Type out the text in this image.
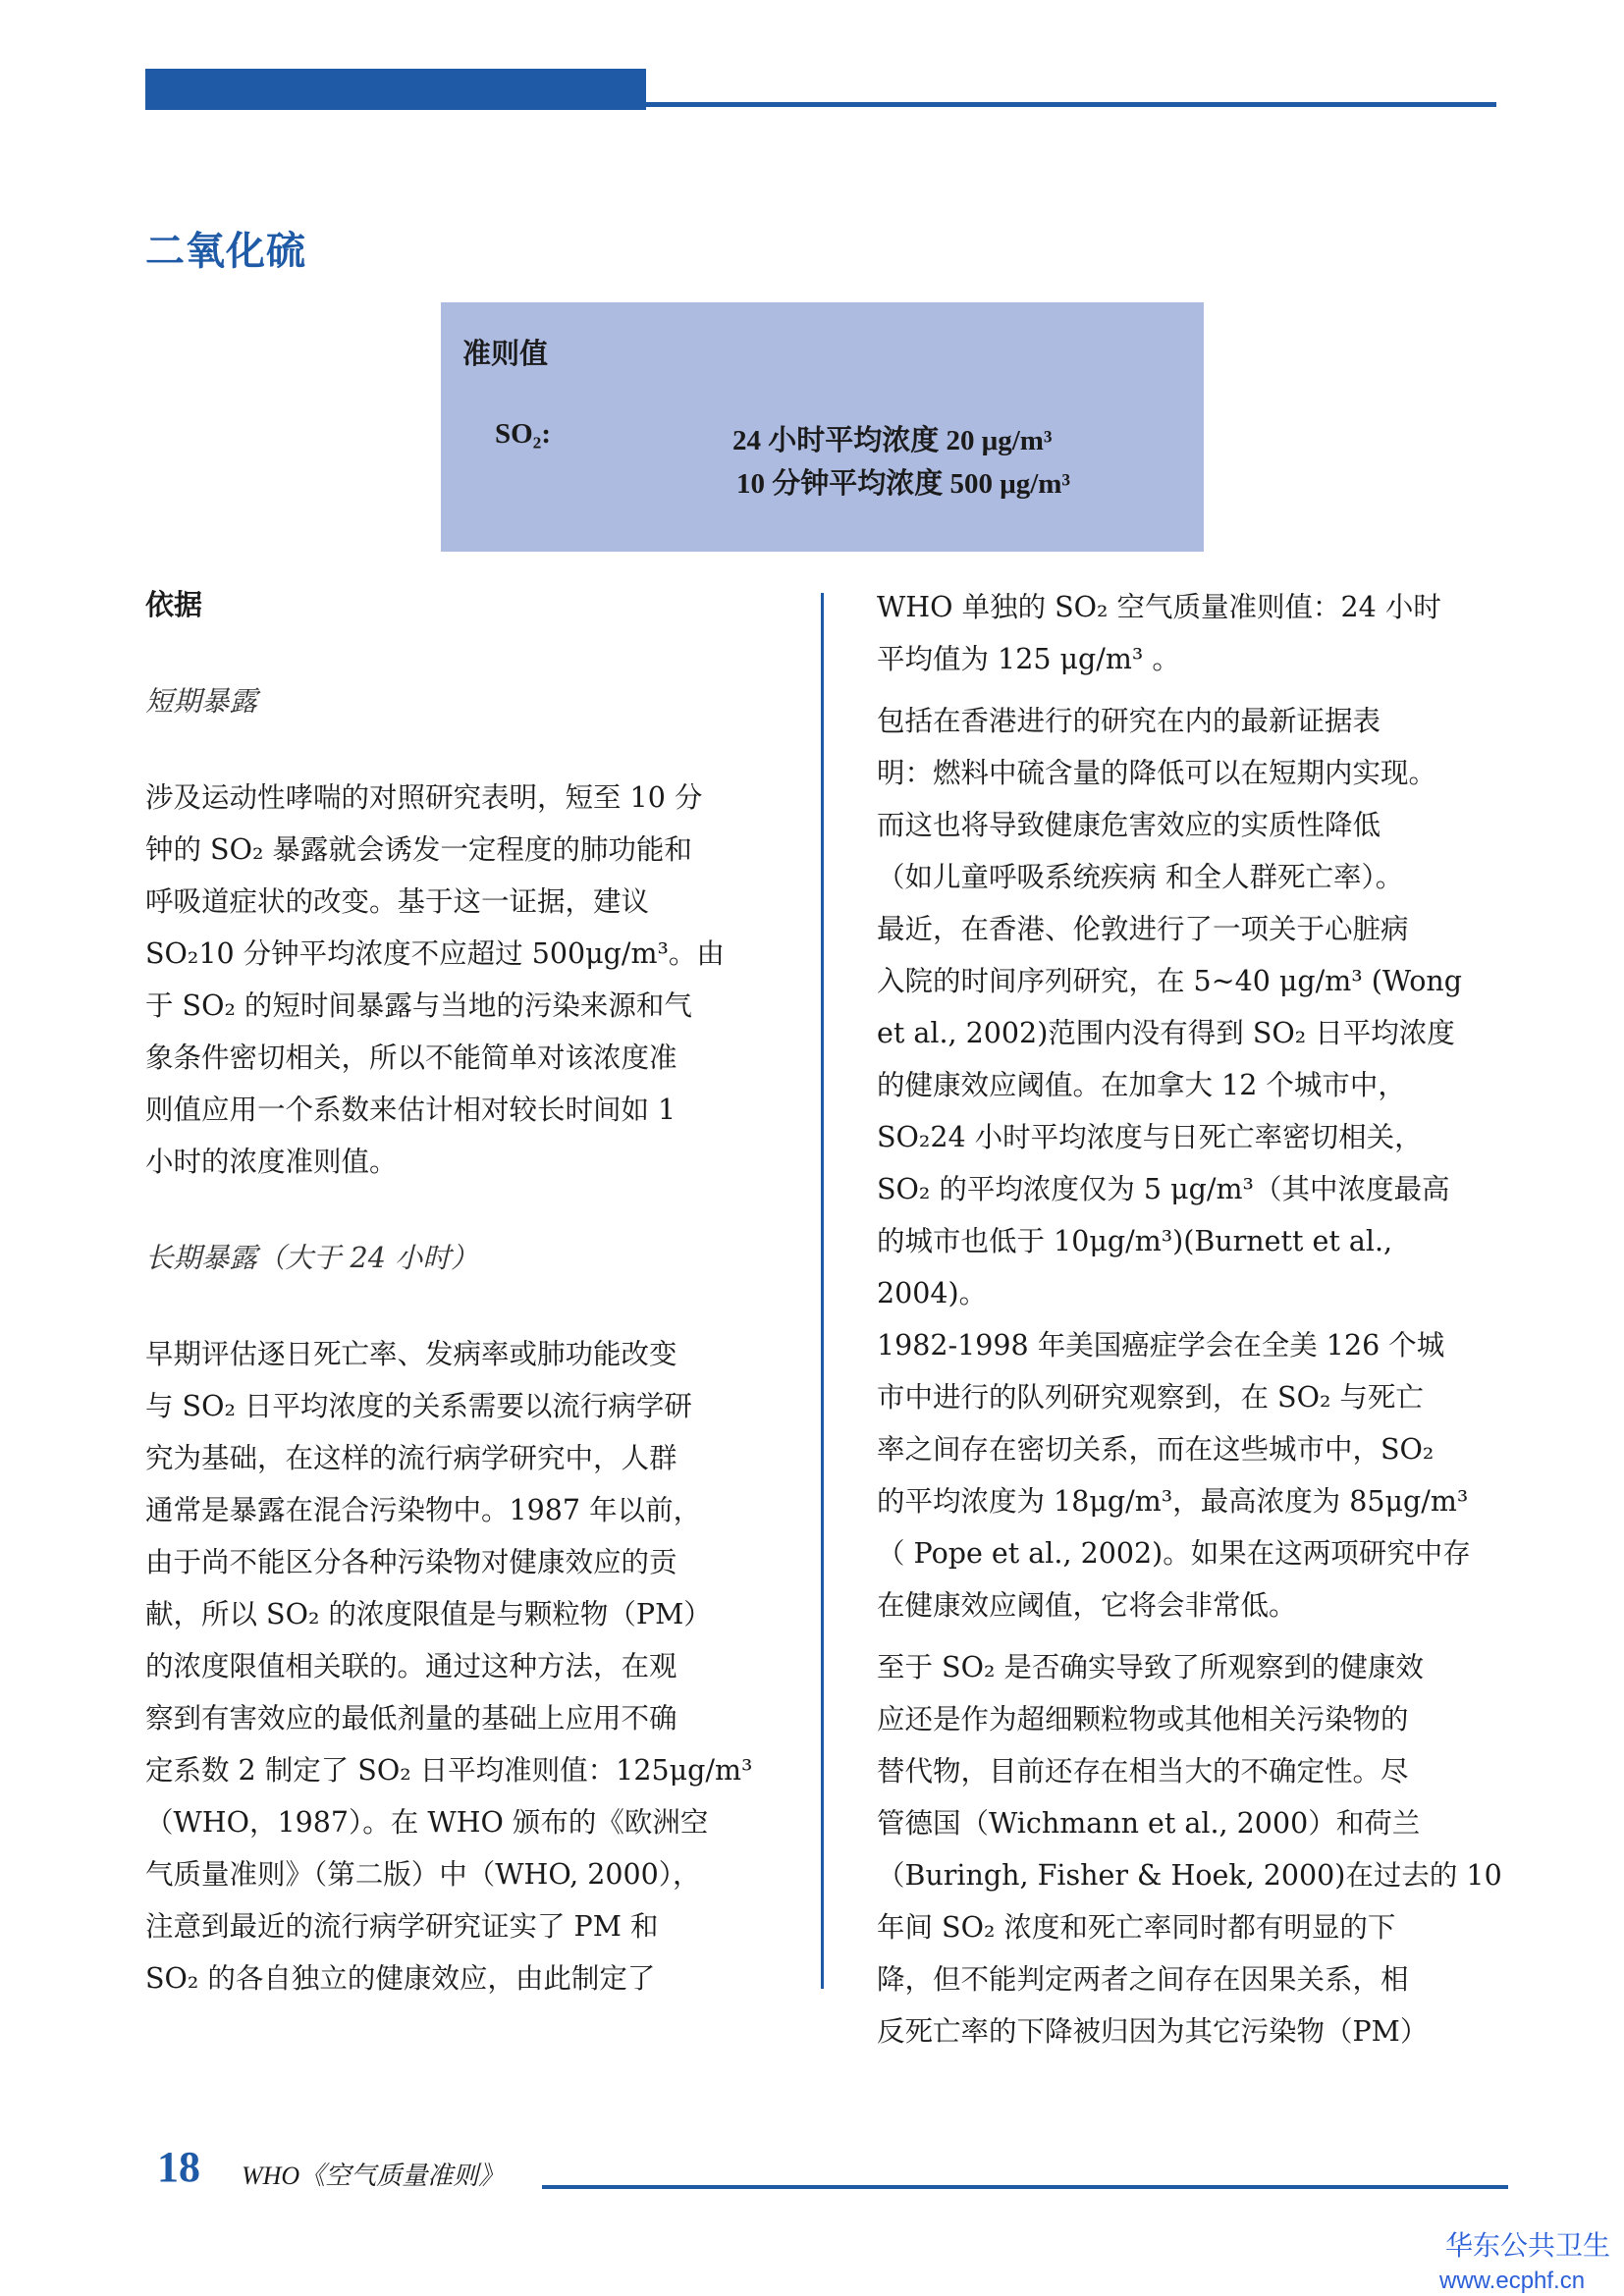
二氧化硫
准则值
SO₂:	24 小时平均浓度 20 μg/m³
10 分钟平均浓度 500 μg/m³
依据

短期暴露

涉及运动性哮喘的对照研究表明，短至 10 分

钟的 SO₂ 暴露就会诱发一定程度的肺功能和

呼吸道症状的改变。基于这一证据，建议

SO₂10 分钟平均浓度不应超过 500μg/m³。由

于 SO₂ 的短时间暴露与当地的污染来源和气

象条件密切相关，所以不能简单对该浓度准

则值应用一个系数来估计相对较长时间如 1

小时的浓度准则值。

长期暴露（大于 24 小时）

早期评估逐日死亡率、发病率或肺功能改变

与 SO₂ 日平均浓度的关系需要以流行病学研

究为基础，在这样的流行病学研究中，人群

通常是暴露在混合污染物中。1987 年以前，

由于尚不能区分各种污染物对健康效应的贡

献，所以 SO₂ 的浓度限值是与颗粒物（PM）

的浓度限值相关联的。通过这种方法，在观

察到有害效应的最低剂量的基础上应用不确

定系数 2 制定了 SO₂ 日平均准则值：125μg/m³

（WHO，1987）。在 WHO 颁布的《欧洲空

气质量准则》（第二版）中（WHO, 2000），

注意到最近的流行病学研究证实了 PM 和

SO₂ 的各自独立的健康效应，由此制定了

WHO 单独的 SO₂ 空气质量准则值：24 小时

平均值为 125 μg/m³ 。

包括在香港进行的研究在内的最新证据表

明：燃料中硫含量的降低可以在短期内实现。

而这也将导致健康危害效应的实质性降低

（如儿童呼吸系统疾病 和全人群死亡率）。

最近，在香港、伦敦进行了一项关于心脏病

入院的时间序列研究，在 5~40 μg/m³ (Wong

et al., 2002)范围内没有得到 SO₂ 日平均浓度

的健康效应阈值。在加拿大 12 个城市中，

SO₂24 小时平均浓度与日死亡率密切相关，

SO₂ 的平均浓度仅为 5 μg/m³（其中浓度最高

的城市也低于 10μg/m³)(Burnett et al., 2004)。

1982-1998 年美国癌症学会在全美 126 个城

市中进行的队列研究观察到，在 SO₂ 与死亡

率之间存在密切关系，而在这些城市中，SO₂

的平均浓度为 18μg/m³，最高浓度为 85μg/m³

（ Pope et al., 2002)。如果在这两项研究中存

在健康效应阈值，它将会非常低。

至于 SO₂ 是否确实导致了所观察到的健康效

应还是作为超细颗粒物或其他相关污染物的

替代物，目前还存在相当大的不确定性。尽

管德国（Wichmann et al., 2000）和荷兰

（Buringh, Fisher & Hoek, 2000)在过去的 10

年间 SO₂ 浓度和死亡率同时都有明显的下

降，但不能判定两者之间存在因果关系，相

反死亡率的下降被归因为其它污染物（PM）

18 WHO《空气质量准则》
华东公共卫生
www.ecphf.cn
